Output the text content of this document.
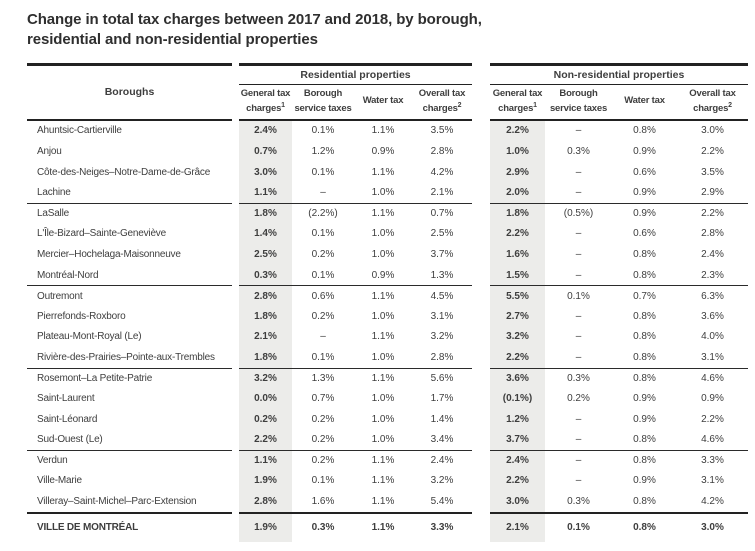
Change in total tax charges between 2017 and 2018, by borough,
residential and non-residential properties
Boroughs
Residential properties	Non-residential properties
General tax
charges$^1$
Borough
service taxes
Water tax
Overall tax
charges$^2$
General tax
charges$^1$
Borough
service taxes
Water tax
Overall tax
charges$^2$
Ahuntsic-Cartierville	2.4%	0.1%	1.1%	3.5%	2.2%	–	0.8%	3.0%
Anjou	0.7%	1.2%	0.9%	2.8%	1.0%	0.3%	0.9%	2.2%
Côte-des-Neiges–Notre-Dame-de-Grâce	3.0%	0.1%	1.1%	4.2%	2.9%	–	0.6%	3.5%
Lachine	1.1%	–	1.0%	2.1%	2.0%	–	0.9%	2.9%
LaSalle	1.8%	(2.2%)	1.1%	0.7%	1.8%	(0.5%)	0.9%	2.2%
L'Île-Bizard–Sainte-Geneviève	1.4%	0.1%	1.0%	2.5%	2.2%	–	0.6%	2.8%
Mercier–Hochelaga-Maisonneuve	2.5%	0.2%	1.0%	3.7%	1.6%	–	0.8%	2.4%
Montréal-Nord	0.3%	0.1%	0.9%	1.3%	1.5%	–	0.8%	2.3%
Outremont	2.8%	0.6%	1.1%	4.5%	5.5%	0.1%	0.7%	6.3%
Pierrefonds-Roxboro	1.8%	0.2%	1.0%	3.1%	2.7%	–	0.8%	3.6%
Plateau-Mont-Royal (Le)	2.1%	–	1.1%	3.2%	3.2%	–	0.8%	4.0%
Rivière-des-Prairies–Pointe-aux-Trembles	1.8%	0.1%	1.0%	2.8%	2.2%	–	0.8%	3.1%
Rosemont–La Petite-Patrie	3.2%	1.3%	1.1%	5.6%	3.6%	0.3%	0.8%	4.6%
Saint-Laurent	0.0%	0.7%	1.0%	1.7%	(0.1%)	0.2%	0.9%	0.9%
Saint-Léonard	0.2%	0.2%	1.0%	1.4%	1.2%	–	0.9%	2.2%
Sud-Ouest (Le)	2.2%	0.2%	1.0%	3.4%	3.7%	–	0.8%	4.6%
Verdun	1.1%	0.2%	1.1%	2.4%	2.4%	–	0.8%	3.3%
Ville-Marie	1.9%	0.1%	1.1%	3.2%	2.2%	–	0.9%	3.1%
Villeray–Saint-Michel–Parc-Extension	2.8%	1.6%	1.1%	5.4%	3.0%	0.3%	0.8%	4.2%
VILLE DE MONTRÉAL	1.9%	0.3%	1.1%	3.3%	2.1%	0.1%	0.8%	3.0%
